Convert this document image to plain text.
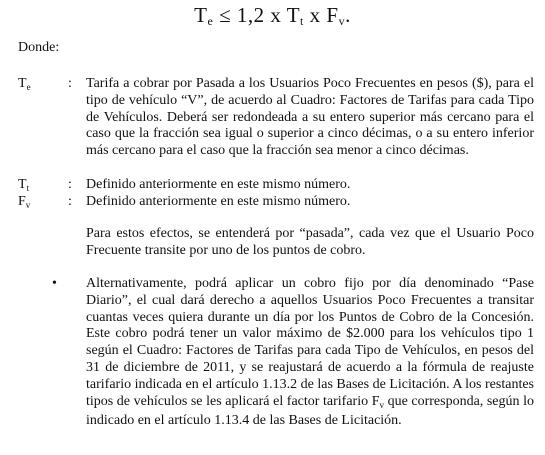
$T_e \le 1,2$ x $T_t$ x $F_v$.
Donde:
$T_e$	: Tarifa a cobrar por Pasada a los Usuarios Poco Frecuentes en pesos ($), para el tipo de vehículo “V”, de acuerdo al Cuadro: Factores de Tarifas para cada Tipo de Vehículos. Deberá ser redondeada a su entero superior más cercano para el caso que la fracción sea igual o superior a cinco décimas, o a su entero inferior más cercano para el caso que la fracción sea menor a cinco décimas.
$T_t$	: Definido anteriormente en este mismo número.
$F_v$	: Definido anteriormente en este mismo número.
Para estos efectos, se entenderá por “pasada”, cada vez que el Usuario Poco Frecuente transite por uno de los puntos de cobro.
• Alternativamente, podrá aplicar un cobro fijo por día denominado “Pase Diario”, el cual dará derecho a aquellos Usuarios Poco Frecuentes a transitar cuantas veces quiera durante un día por los Puntos de Cobro de la Concesión. Este cobro podrá tener un valor máximo de $2.000 para los vehículos tipo 1 según el Cuadro: Factores de Tarifas para cada Tipo de Vehículos, en pesos del 31 de diciembre de 2011, y se reajustará de acuerdo a la fórmula de reajuste tarifario indicada en el artículo 1.13.2 de las Bases de Licitación. A los restantes tipos de vehículos se les aplicará el factor tarifario $F_v$ que corresponda, según lo indicado en el artículo 1.13.4 de las Bases de Licitación.
